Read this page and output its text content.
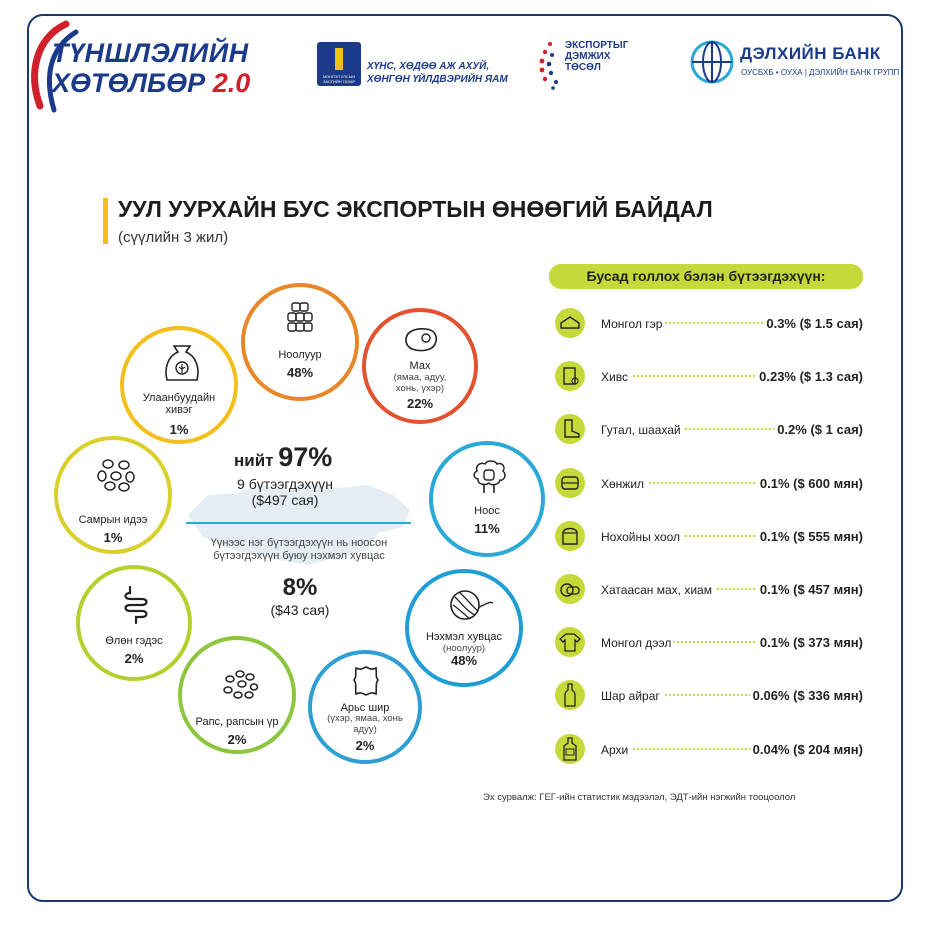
ТҮНШЛЭЛИЙН
ХӨТӨЛБӨР 2.0	МОНГОЛ УЛСЫН ЗАСГИЙН ГАЗАР
ХҮНС, ХӨДӨӨ АЖ АХУЙ,
ХӨНГӨН ҮЙЛДВЭРИЙН ЯАМ
ЭКСПОРТЫГ
ДЭМЖИХ
ТӨСӨЛ
ДЭЛХИЙН БАНК
ОУСБХБ • ОУХА | ДЭЛХИЙН БАНК ГРУПП
УУЛ УУРХАЙН БУС ЭКСПОРТЫН ӨНӨӨГИЙ БАЙДАЛ
(сүүлийн 3 жил)
нийт 97%
9 бүтээгдэхүүн
($497 сая)
Үүнээс нэг бүтээгдэхүүн нь ноосон
бүтээгдэхүүн буюу нэхмэл хувцас
8%
($43 сая)
Ноолуур
48%	Мах
(ямаа, адуу, хонь, үхэр)
22%
Ноос
11%
Нэхмэл хувцас
(ноолуур)
48%
Арьс шир
(үхэр, ямаа, хонь адуу)
2%
Рапс, рапсын үр
2%
Өлөн гэдэс
2%
Самрын идээ
1%
Улаанбуудайн хивэг
1%
Бусад голлох бэлэн бүтээгдэхүүн:
Монгол гэр	0.3% ($ 1.5 сая)
Хивс	0.23% ($ 1.3 сая)
Гутал, шаахай	0.2% ($ 1 сая)
Хөнжил	0.1% ($ 600 мян)
Нохойны хоол	0.1% ($ 555 мян)
Хатаасан мах, хиам	0.1% ($ 457 мян)
Монгол дээл	0.1% ($ 373 мян)
Шар айраг	0.06% ($ 336 мян)
Архи	0.04% ($ 204 мян)
Эх сурвалж: ГЕГ-ийн статистик мэдээлэл, ЭДТ-ийн нэгжийн тооцоолол
